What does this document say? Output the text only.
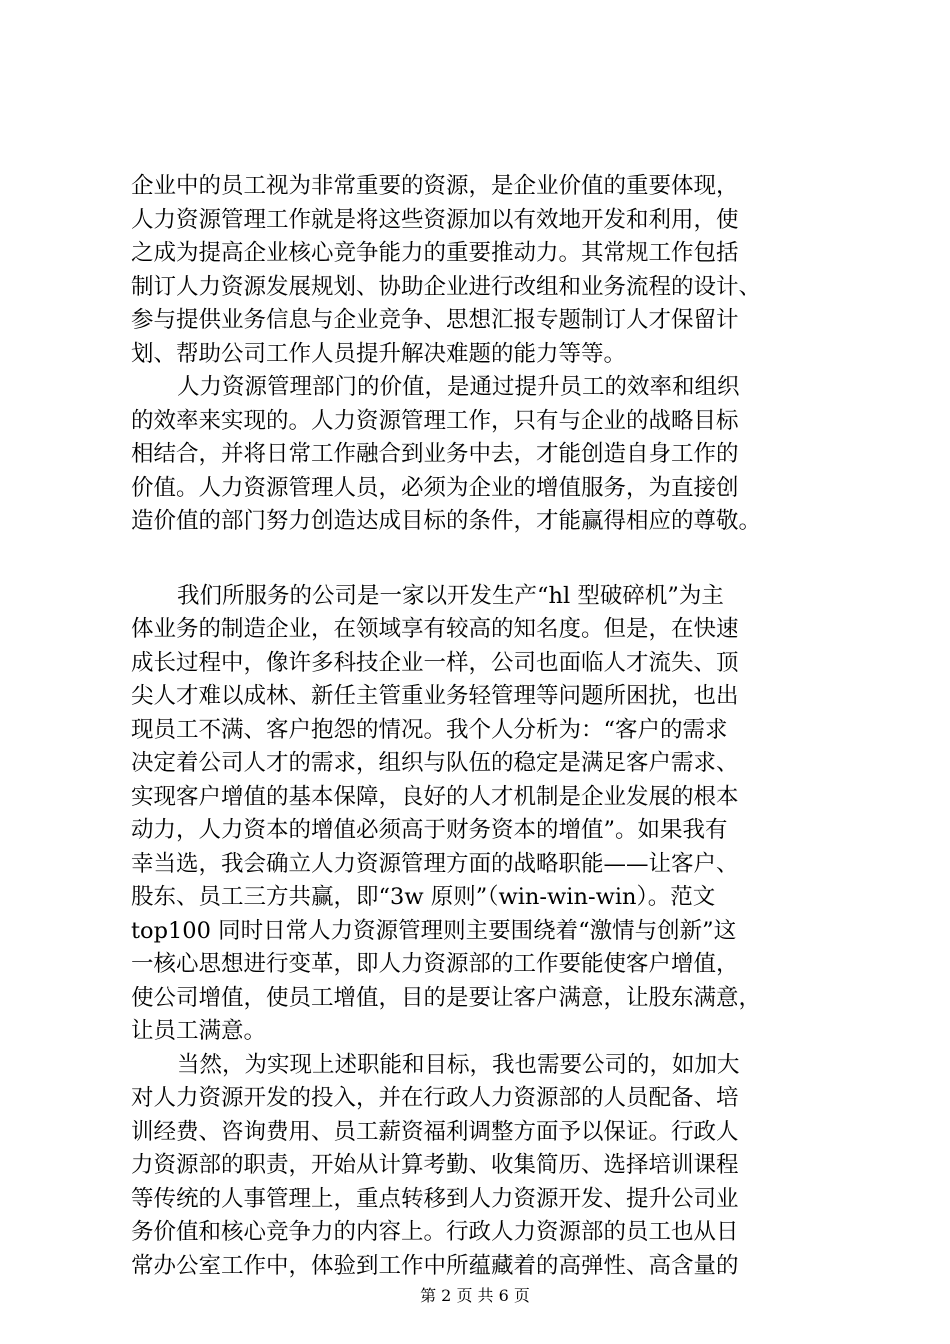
企业中的员工视为非常重要的资源，是企业价值的重要体现，
人力资源管理工作就是将这些资源加以有效地开发和利用，使
之成为提高企业核心竞争能力的重要推动力。其常规工作包括
制订人力资源发展规划、协助企业进行改组和业务流程的设计、
参与提供业务信息与企业竞争、思想汇报专题制订人才保留计
划、帮助公司工作人员提升解决难题的能力等等。
人力资源管理部门的价值，是通过提升员工的效率和组织
的效率来实现的。人力资源管理工作，只有与企业的战略目标
相结合，并将日常工作融合到业务中去，才能创造自身工作的
价值。人力资源管理人员，必须为企业的增值服务，为直接创
造价值的部门努力创造达成目标的条件，才能赢得相应的尊敬。
我们所服务的公司是一家以开发生产“hl 型破碎机”为主
体业务的制造企业，在领域享有较高的知名度。但是，在快速
成长过程中，像许多科技企业一样，公司也面临人才流失、顶
尖人才难以成林、新任主管重业务轻管理等问题所困扰，也出
现员工不满、客户抱怨的情况。我个人分析为：“客户的需求
决定着公司人才的需求，组织与队伍的稳定是满足客户需求、
实现客户增值的基本保障，良好的人才机制是企业发展的根本
动力，人力资本的增值必须高于财务资本的增值”。如果我有
幸当选，我会确立人力资源管理方面的战略职能——让客户、
股东、员工三方共赢，即“3w 原则”（win-win-win）。范文
top100 同时日常人力资源管理则主要围绕着“激情与创新”这
一核心思想进行变革，即人力资源部的工作要能使客户增值，
使公司增值，使员工增值，目的是要让客户满意，让股东满意，
让员工满意。
当然，为实现上述职能和目标，我也需要公司的，如加大
对人力资源开发的投入，并在行政人力资源部的人员配备、培
训经费、咨询费用、员工薪资福利调整方面予以保证。行政人
力资源部的职责，开始从计算考勤、收集简历、选择培训课程
等传统的人事管理上，重点转移到人力资源开发、提升公司业
务价值和核心竞争力的内容上。行政人力资源部的员工也从日
常办公室工作中，体验到工作中所蕴藏着的高弹性、高含量的
第 2 页 共 6 页
